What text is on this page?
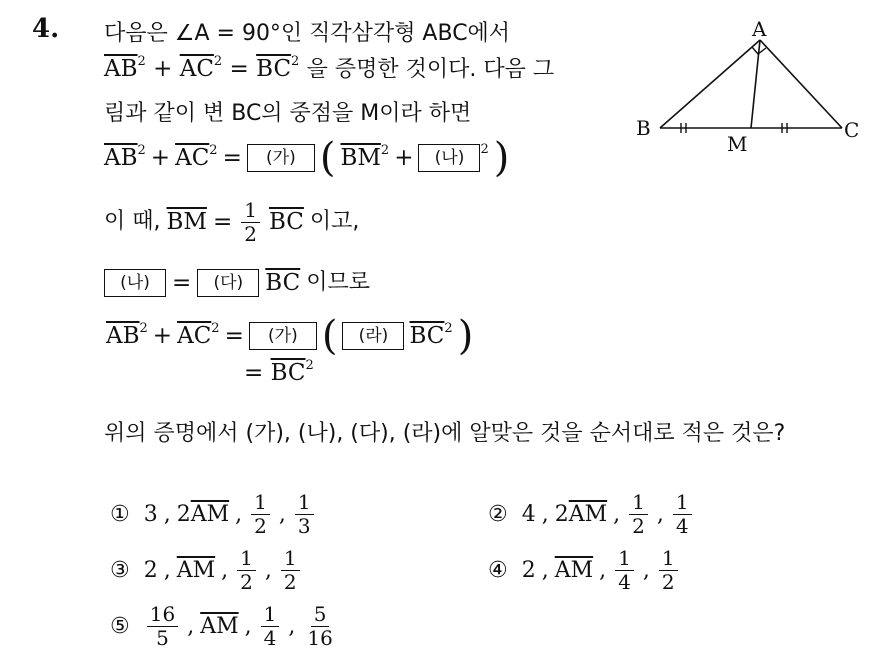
4. 다음은 ∠A = 90°인 직각삼각형 ABC에서
$\overline{AB}^2 + \overline{AC}^2 = \overline{BC}^2$ 을 증명한 것이다. 다음 그
림과 같이 변 BC의 중점을 M이라 하면
$\overline{AB}^2 + \overline{AC}^2$ =	(가) ( $\overline{BM}^2$ +	(나) $^2$ )
이 때, $\overline{BM} = \frac{1}{2} \overline{BC}$ 이고,
(나) =	(다) $\overline{BC}$ 이므로
$\overline{AB}^2 + \overline{AC}^2$ =	(가) (	(라) $\overline{BC}^2$ )
= $\overline{BC}^2$
위의 증명에서 (가), (나), (다), (라)에 알맞은 것을 순서대로 적은 것은?
① 3 , $2\overline{AM}$ , $\frac{1}{2}$ , $\frac{1}{3}$	② 4 , $2\overline{AM}$ , $\frac{1}{2}$ , $\frac{1}{4}$
③ 2 , $\overline{AM}$ , $\frac{1}{2}$ , $\frac{1}{2}$	④ 2 , $\overline{AM}$ , $\frac{1}{4}$ , $\frac{1}{2}$
⑤ $\frac{16}{5}$ , $\overline{AM}$ , $\frac{1}{4}$ , $\frac{5}{16}$
A
B	C
M
